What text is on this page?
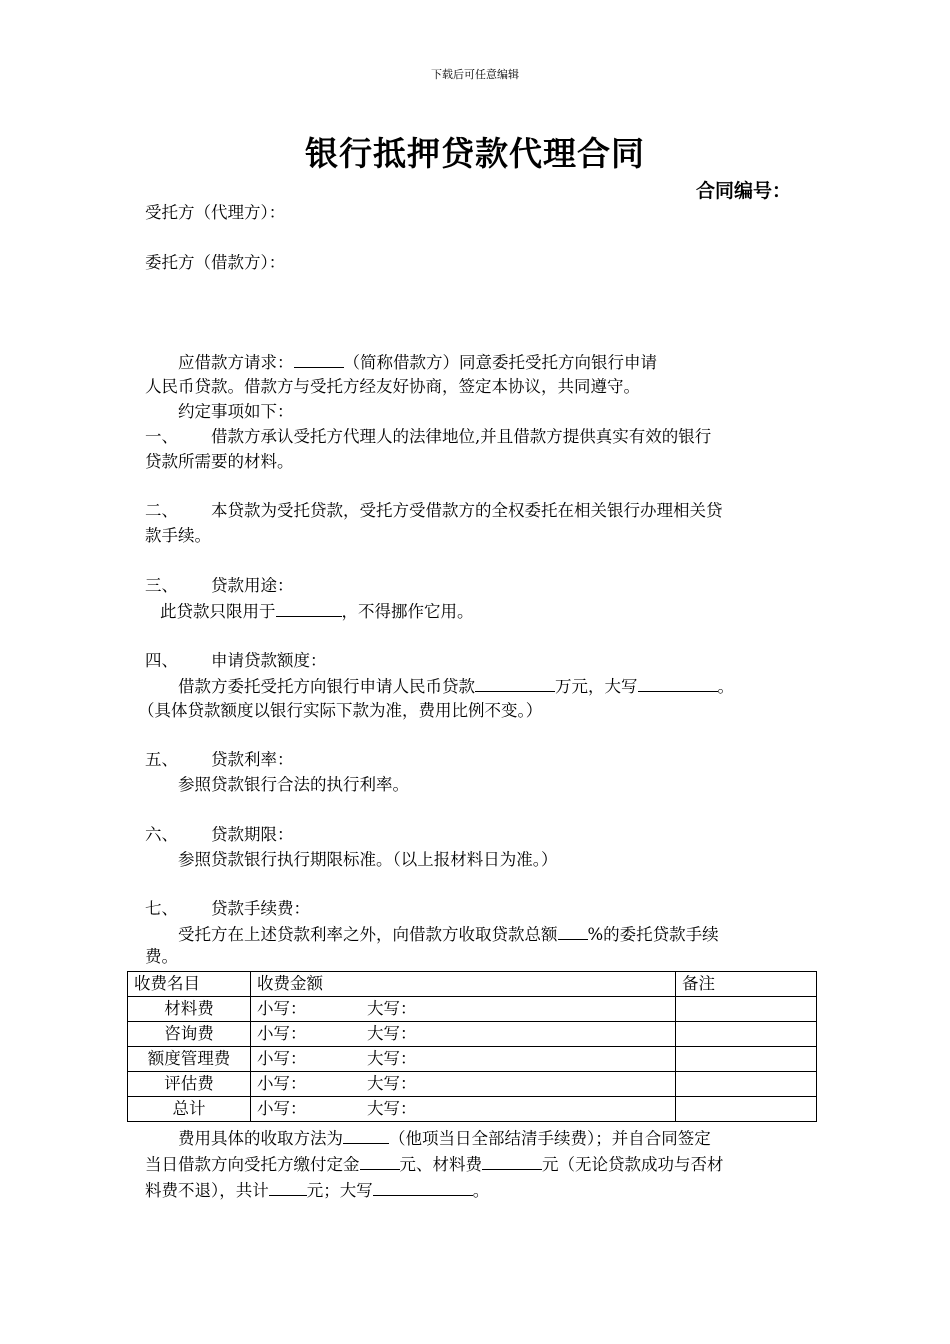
下载后可任意编辑
银行抵押贷款代理合同
合同编号：
受托方（代理方）：
委托方（借款方）：
应借款方请求：	（简称借款方）同意委托受托方向银行申请
人民币贷款。借款方与受托方经友好协商，签定本协议，共同遵守。
约定事项如下：
一、 借款方承认受托方代理人的法律地位,并且借款方提供真实有效的银行
贷款所需要的材料。
二、 本贷款为受托贷款，受托方受借款方的全权委托在相关银行办理相关贷
款手续。
三、 贷款用途：
此贷款只限用于	，不得挪作它用。
四、 申请贷款额度：
借款方委托受托方向银行申请人民币贷款	万元，大写	。
（具体贷款额度以银行实际下款为准，费用比例不变。）
五、 贷款利率：
参照贷款银行合法的执行利率。
六、 贷款期限：
参照贷款银行执行期限标准。（以上报材料日为准。）
七、 贷款手续费：
受托方在上述贷款利率之外，向借款方收取贷款总额 %的委托贷款手续
费。
收费名目	收费金额	备注
材料费	小写： 大写：	
咨询费	小写： 大写：	
额度管理费	小写： 大写：	
评估费	小写： 大写：	
总计	小写： 大写：	
费用具体的收取方法为	（他项当日全部结清手续费）；并自合同签定
当日借款方向受托方缴付定金 元、材料费	元（无论贷款成功与否材
料费不退），共计 元；大写	。
